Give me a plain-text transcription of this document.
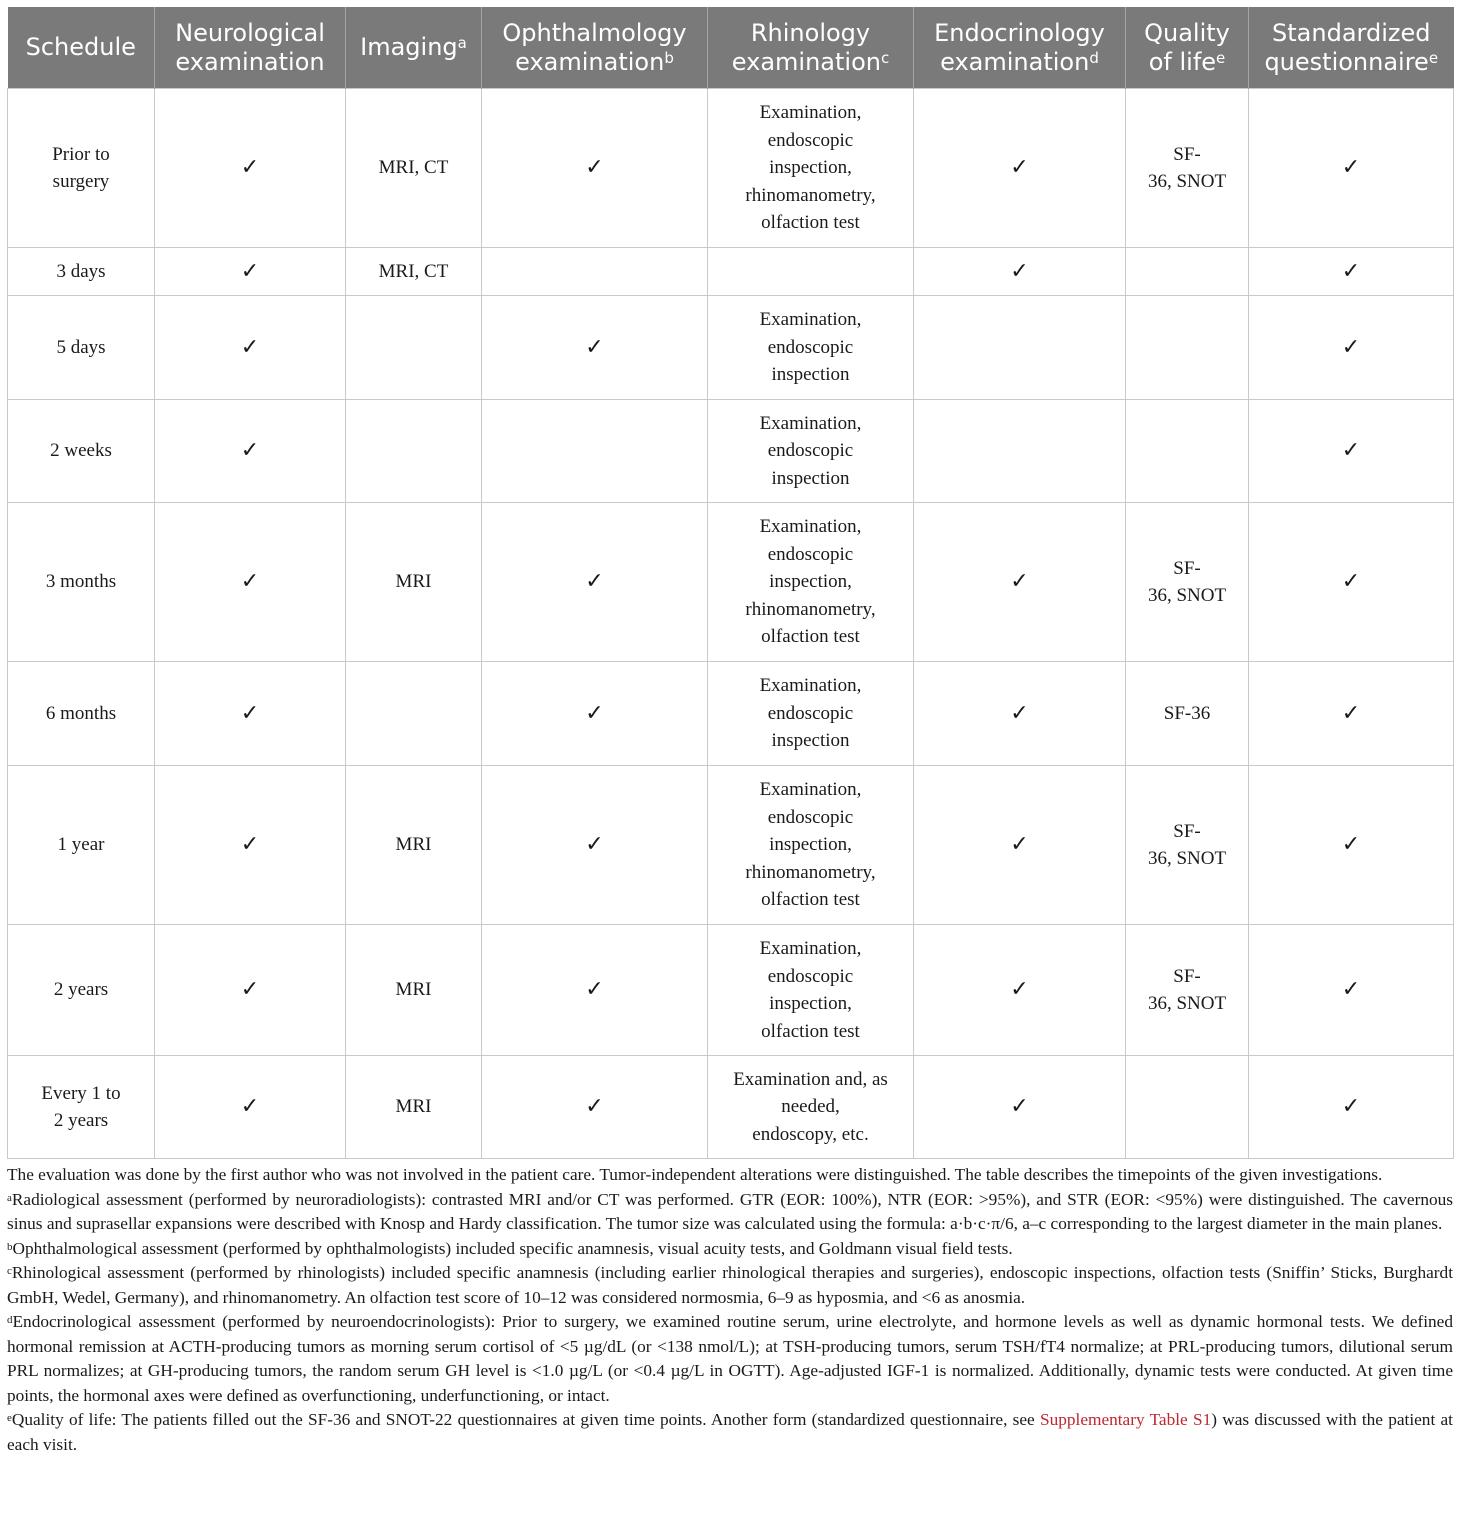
Schedule	Neurological
examination	Imaging$^a$	Ophthalmology
examination$^b$	Rhinology
examination$^c$	Endocrinology
examination$^d$	Quality
of life$^e$	Standardized
questionnaire$^e$
Prior to
surgery	✓	MRI, CT	✓	Examination,
endoscopic
inspection,
rhinomanometry,
olfaction test	✓	SF-
36, SNOT	✓
3 days	✓	MRI, CT			✓		✓
5 days	✓		✓	Examination,
endoscopic
inspection			✓
2 weeks	✓			Examination,
endoscopic
inspection			✓
3 months	✓	MRI	✓	Examination,
endoscopic
inspection,
rhinomanometry,
olfaction test	✓	SF-
36, SNOT	✓
6 months	✓		✓	Examination,
endoscopic
inspection	✓	SF-36	✓
1 year	✓	MRI	✓	Examination,
endoscopic
inspection,
rhinomanometry,
olfaction test	✓	SF-
36, SNOT	✓
2 years	✓	MRI	✓	Examination,
endoscopic
inspection,
olfaction test	✓	SF-
36, SNOT	✓
Every 1 to
2 years	✓	MRI	✓	Examination and, as
needed,
endoscopy, etc.	✓		✓

The evaluation was done by the first author who was not involved in the patient care. Tumor-independent alterations were distinguished. The table describes the timepoints of the given investigations.

$^a$Radiological assessment (performed by neuroradiologists): contrasted MRI and/or CT was performed. GTR (EOR: 100%), NTR (EOR: >95%), and STR (EOR: <95%) were distinguished. The cavernous sinus and suprasellar expansions were described with Knosp and Hardy classification. The tumor size was calculated using the formula: a·b·c·π/6, a–c corresponding to the largest diameter in the main planes.

$^b$Ophthalmological assessment (performed by ophthalmologists) included specific anamnesis, visual acuity tests, and Goldmann visual field tests.

$^c$Rhinological assessment (performed by rhinologists) included specific anamnesis (including earlier rhinological therapies and surgeries), endoscopic inspections, olfaction tests (Sniffin’ Sticks, Burghardt GmbH, Wedel, Germany), and rhinomanometry. An olfaction test score of 10–12 was considered normosmia, 6–9 as hyposmia, and <6 as anosmia.

$^d$Endocrinological assessment (performed by neuroendocrinologists): Prior to surgery, we examined routine serum, urine electrolyte, and hormone levels as well as dynamic hormonal tests. We defined hormonal remission at ACTH-producing tumors as morning serum cortisol of <5 µg/dL (or <138 nmol/L); at TSH-producing tumors, serum TSH/fT4 normalize; at PRL-producing tumors, dilutional serum PRL normalizes; at GH-producing tumors, the random serum GH level is <1.0 µg/L (or <0.4 µg/L in OGTT). Age-adjusted IGF-1 is normalized. Additionally, dynamic tests were conducted. At given time points, the hormonal axes were defined as overfunctioning, underfunctioning, or intact.

$^e$Quality of life: The patients filled out the SF-36 and SNOT-22 questionnaires at given time points. Another form (standardized questionnaire, see Supplementary Table S1) was discussed with the patient at each visit.
